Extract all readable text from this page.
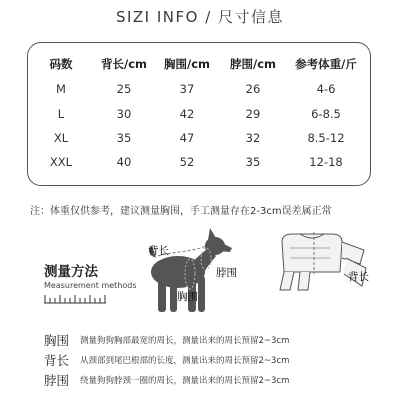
SIZI INFO / 尺寸信息
码数 背长/cm 胸围/cm 脖围/cm 参考体重/斤
M	25	37	26	4-6
L	30	42	29	6-8.5
XL	35	47	32	8.5-12
XXL	40	52	35	12-18
注：体重仅供参考，建议测量胸围，手工测量存在2-3cm误差属正常
测量方法
Measurement methods
背长
脖围
胸围
背长
胸围 测量狗狗胸部最宽的周长，测量出来的周长预留2~3cm
背长 从颈部到尾巴根部的长度，测量出来的周长预留2~3cm
脖围 绕量狗狗脖颈一圈的周长，测量出来的周长预留2~3cm
